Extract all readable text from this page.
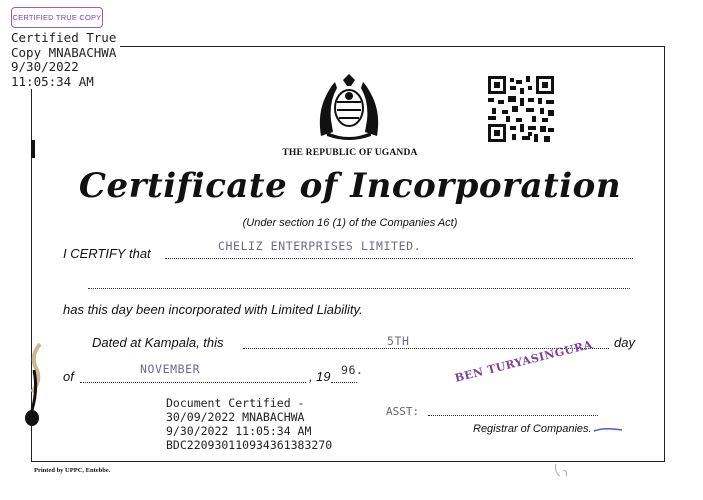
CERTIFIED TRUE COPY
Certified True
Copy MNABACHWA
9/30/2022
11:05:34 AM
THE REPUBLIC OF UGANDA
Certificate of Incorporation
(Under section 16 (1) of the Companies Act)
I CERTIFY that	CHELIZ ENTERPRISES LIMITED.
has this day been incorporated with Limited Liability.
Dated at Kampala, this	5TH	day
of	NOVEMBER	, 19 96.
Document Certified -
30/09/2022 MNABACHWA
9/30/2022 11:05:34 AM
BDC220930110934361383270
ASST:
BEN TURYASINGURA
Registrar of Companies.
Printed by UPPC, Entebbe.
